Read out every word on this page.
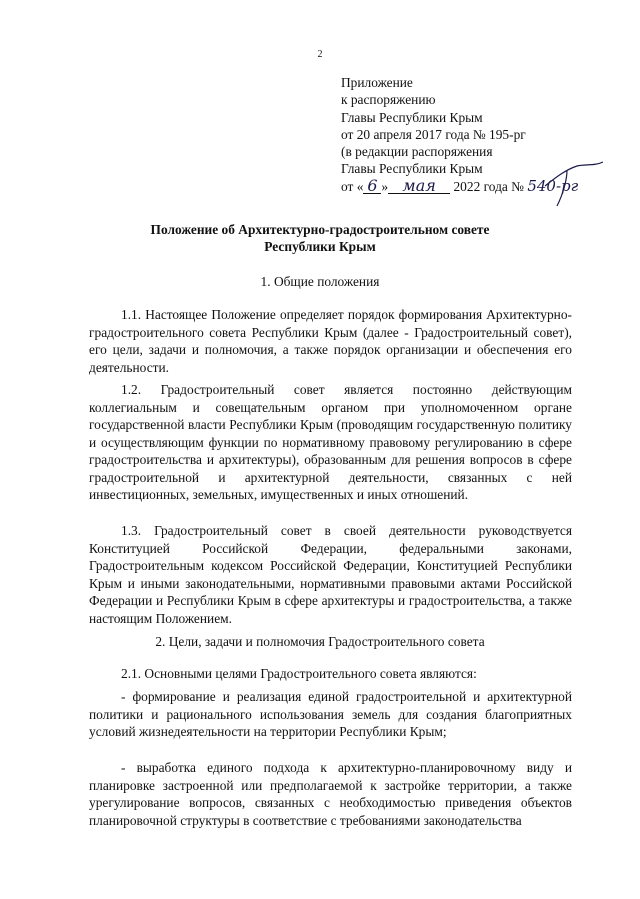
2
Приложение
к распоряжению
Главы Республики Крым
от 20 апреля 2017 года № 195-рг
(в редакции распоряжения
Главы Республики Крым
от « 6 » мая 2022 года № 540-рг
Положение об Архитектурно-градостроительном совете
Республики Крым
1. Общие положения

1.1. Настоящее Положение определяет порядок формирования Архитектурно-градостроительного совета Республики Крым (далее - Градостроительный совет), его цели, задачи и полномочия, а также порядок организации и обеспечения его деятельности.

1.2. Градостроительный совет является постоянно действующим коллегиальным и совещательным органом при уполномоченном органе государственной власти Республики Крым (проводящим государственную политику и осуществляющим функции по нормативному правовому регулированию в сфере градостроительства и архитектуры), образованным для решения вопросов в сфере градостроительной и архитектурной деятельности, связанных с ней инвестиционных, земельных, имущественных и иных отношений.

1.3. Градостроительный совет в своей деятельности руководствуется Конституцией Российской Федерации, федеральными законами, Градостроительным кодексом Российской Федерации, Конституцией Республики Крым и иными законодательными, нормативными правовыми актами Российской Федерации и Республики Крым в сфере архитектуры и градостроительства, а также настоящим Положением.

2. Цели, задачи и полномочия Градостроительного совета

2.1. Основными целями Градостроительного совета являются:

- формирование и реализация единой градостроительной и архитектурной политики и рационального использования земель для создания благоприятных условий жизнедеятельности на территории Республики Крым;

- выработка единого подхода к архитектурно-планировочному виду и планировке застроенной или предполагаемой к застройке территории, а также урегулирование вопросов, связанных с необходимостью приведения объектов планировочной структуры в соответствие с требованиями законодательства
